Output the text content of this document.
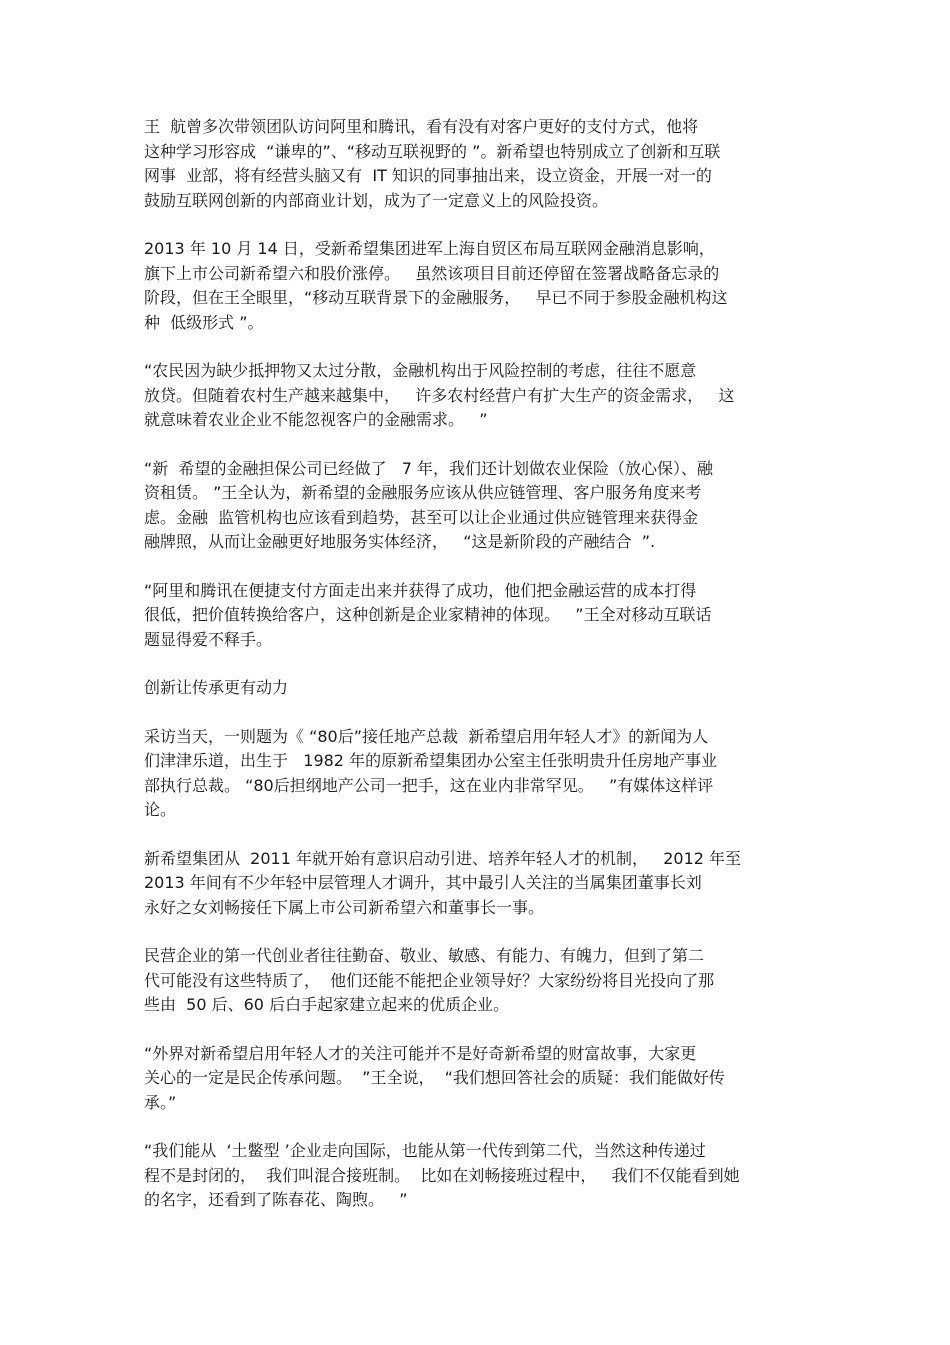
王  航曾多次带领团队访问阿里和腾讯，看有没有对客户更好的支付方式，他将
这种学习形容成  “谦卑的”、“移动互联视野的 ”。新希望也特别成立了创新和互联
网事  业部，将有经营头脑又有  IT 知识的同事抽出来，设立资金，开展一对一的
鼓励互联网创新的内部商业计划，成为了一定意义上的风险投资。
2013 年 10 月 14 日，受新希望集团进军上海自贸区布局互联网金融消息影响，
旗下上市公司新希望六和股价涨停。   虽然该项目目前还停留在签署战略备忘录的
阶段，但在王全眼里，“移动互联背景下的金融服务，   早已不同于参股金融机构这
种  低级形式 ”。
“农民因为缺少抵押物又太过分散，金融机构出于风险控制的考虑，往往不愿意
放贷。但随着农村生产越来越集中，   许多农村经营户有扩大生产的资金需求，   这
就意味着农业企业不能忽视客户的金融需求。   ”
“新  希望的金融担保公司已经做了   7 年，我们还计划做农业保险（放心保）、融
资租赁。 ”王全认为，新希望的金融服务应该从供应链管理、客户服务角度来考
虑。金融  监管机构也应该看到趋势，甚至可以让企业通过供应链管理来获得金
融牌照，从而让金融更好地服务实体经济，   “这是新阶段的产融结合  ”.
“阿里和腾讯在便捷支付方面走出来并获得了成功，他们把金融运营的成本打得
很低，把价值转换给客户，这种创新是企业家精神的体现。   ”王全对移动互联话
题显得爱不释手。
创新让传承更有动力
采访当天，一则题为《 “80后”接任地产总裁  新希望启用年轻人才》的新闻为人
们津津乐道，出生于   1982 年的原新希望集团办公室主任张明贵升任房地产事业
部执行总裁。 “80后担纲地产公司一把手，这在业内非常罕见。   ”有媒体这样评
论。
新希望集团从  2011 年就开始有意识启动引进、培养年轻人才的机制，   2012 年至
2013 年间有不少年轻中层管理人才调升，其中最引人关注的当属集团董事长刘
永好之女刘畅接任下属上市公司新希望六和董事长一事。
民营企业的第一代创业者往往勤奋、敬业、敏感、有能力、有魄力，但到了第二
代可能没有这些特质了，  他们还能不能把企业领导好？大家纷纷将目光投向了那
些由  50 后、60 后白手起家建立起来的优质企业。
“外界对新希望启用年轻人才的关注可能并不是好奇新希望的财富故事，大家更
关心的一定是民企传承问题。  ”王全说，  “我们想回答社会的质疑：我们能做好传
承。”
“我们能从  ‘土鳖型 ’企业走向国际，也能从第一代传到第二代，当然这种传递过
程不是封闭的，  我们叫混合接班制。  比如在刘畅接班过程中，   我们不仅能看到她
的名字，还看到了陈春花、陶煦。   ”
